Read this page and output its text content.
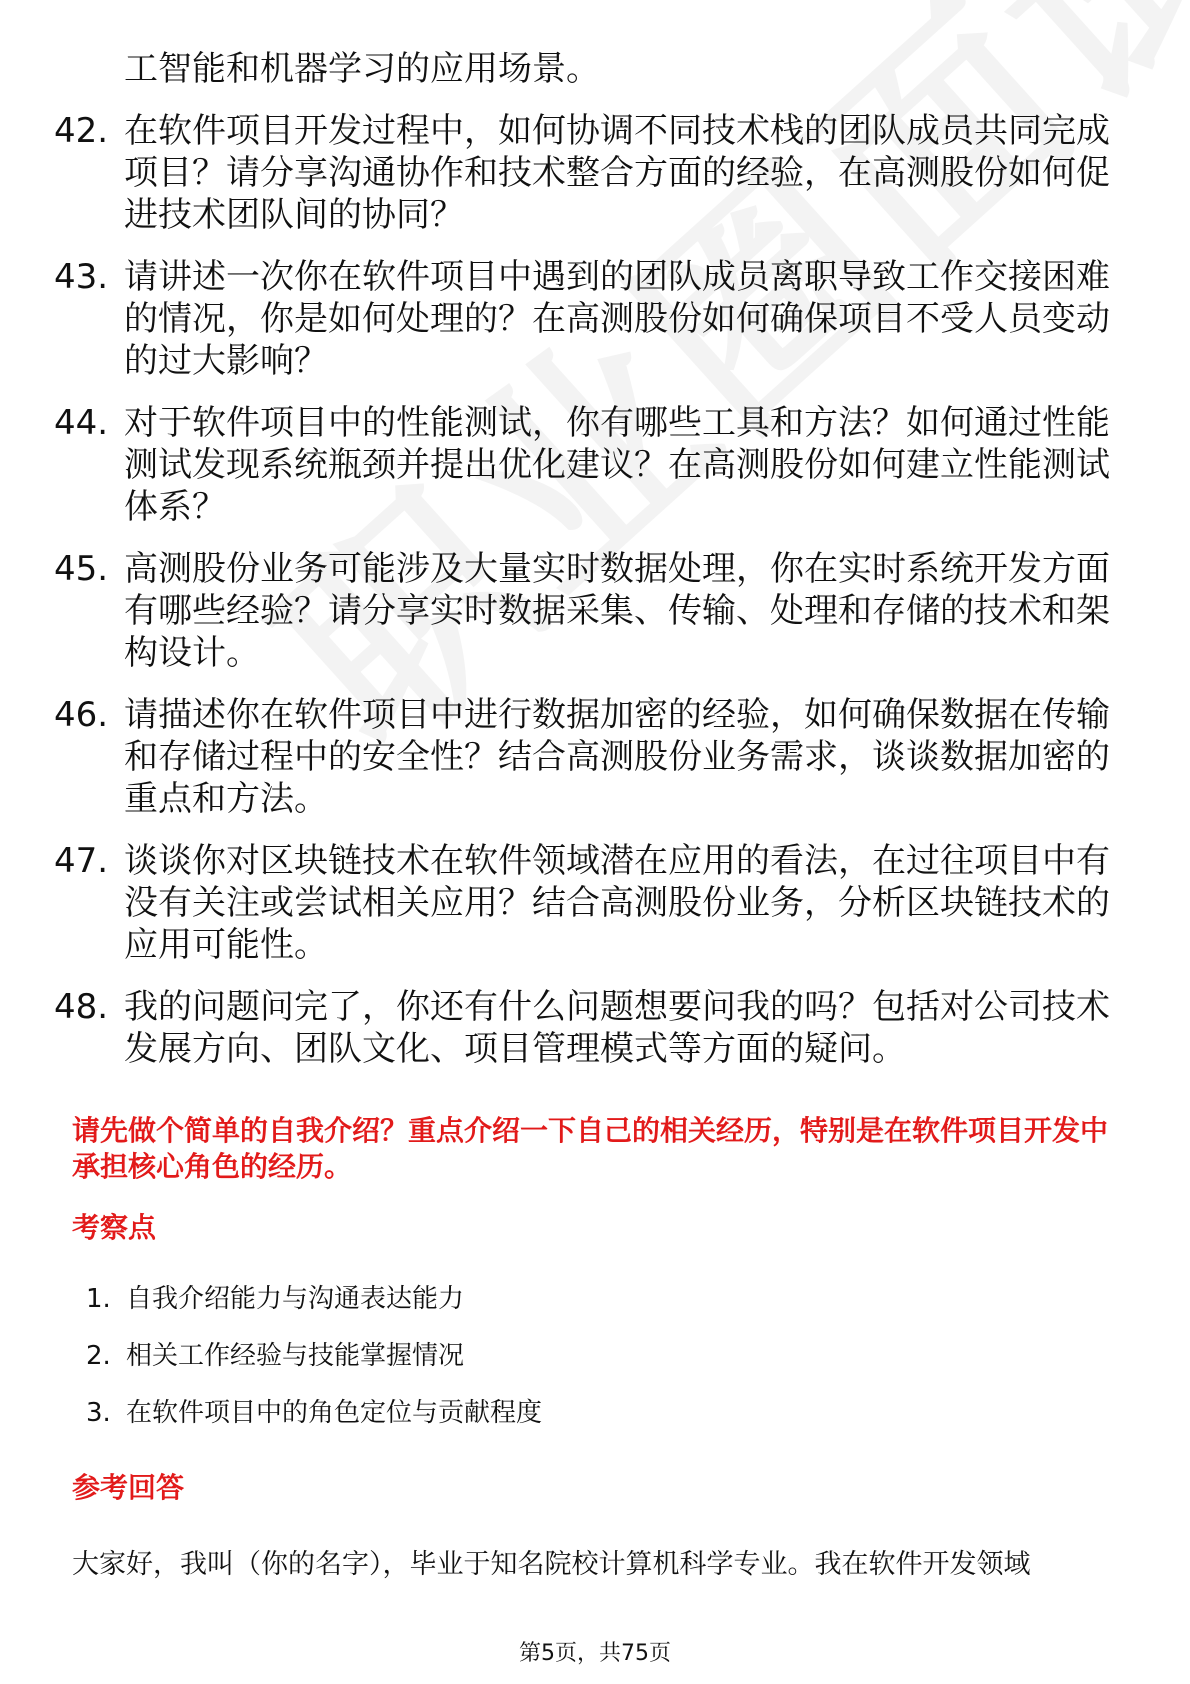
工智能和机器学习的应用场景。

42. 在软件项目开发过程中，如何协调不同技术栈的团队成员共同完成项目？请分享沟通协作和技术整合方面的经验，在高测股份如何促进技术团队间的协同？
43. 请讲述一次你在软件项目中遇到的团队成员离职导致工作交接困难的情况，你是如何处理的？在高测股份如何确保项目不受人员变动的过大影响？
44. 对于软件项目中的性能测试，你有哪些工具和方法？如何通过性能测试发现系统瓶颈并提出优化建议？在高测股份如何建立性能测试体系？
45. 高测股份业务可能涉及大量实时数据处理，你在实时系统开发方面有哪些经验？请分享实时数据采集、传输、处理和存储的技术和架构设计。
46. 请描述你在软件项目中进行数据加密的经验，如何确保数据在传输和存储过程中的安全性？结合高测股份业务需求，谈谈数据加密的重点和方法。
47. 谈谈你对区块链技术在软件领域潜在应用的看法，在过往项目中有没有关注或尝试相关应用？结合高测股份业务，分析区块链技术的应用可能性。
48. 我的问题问完了，你还有什么问题想要问我的吗？包括对公司技术发展方向、团队文化、项目管理模式等方面的疑问。

请先做个简单的自我介绍？重点介绍一下自己的相关经历，特别是在软件项目开发中承担核心角色的经历。

考察点
1. 自我介绍能力与沟通表达能力
2. 相关工作经验与技能掌握情况
3. 在软件项目中的角色定位与贡献程度
参考回答

大家好，我叫（你的名字），毕业于知名院校计算机科学专业。我在软件开发领域

第5页，共75页
